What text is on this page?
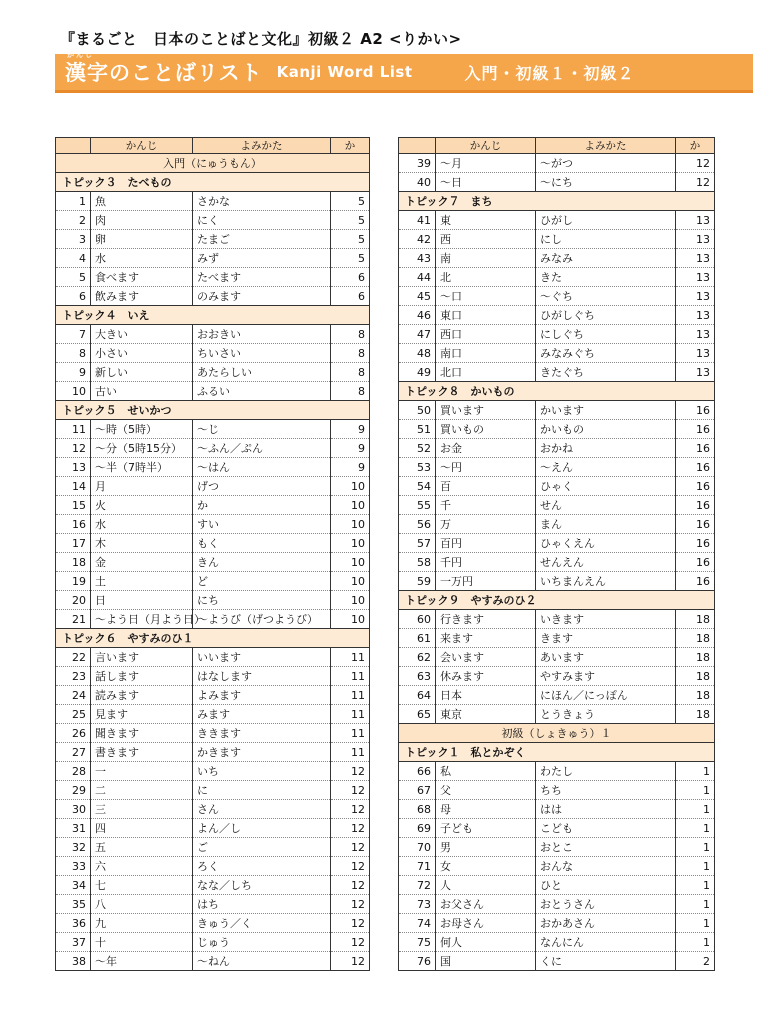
『まるごと　日本のことばと文化』初級２ A2 <りかい>
かんじ
漢字のことばリスト Kanji Word List	入門・初級１・初級２
	かんじ	よみかた	か
入門（にゅうもん）			
トピック３　たべもの			
1	魚	さかな	5
2	肉	にく	5
3	卵	たまご	5
4	水	みず	5
5	食べます	たべます	6
6	飲みます	のみます	6
トピック４　いえ			
7	大きい	おおきい	8
8	小さい	ちいさい	8
9	新しい	あたらしい	8
10	古い	ふるい	8
トピック５　せいかつ			
11	～時（5時）	～じ	9
12	～分（5時15分）	～ふん／ぷん	9
13	～半（7時半）	～はん	9
14	月	げつ	10
15	火	か	10
16	水	すい	10
17	木	もく	10
18	金	きん	10
19	土	ど	10
20	日	にち	10
21	～よう日（月よう日）	～ようび（げつようび）	10
トピック６　やすみのひ１			
22	言います	いいます	11
23	話します	はなします	11
24	読みます	よみます	11
25	見ます	みます	11
26	聞きます	ききます	11
27	書きます	かきます	11
28	一	いち	12
29	二	に	12
30	三	さん	12
31	四	よん／し	12
32	五	ご	12
33	六	ろく	12
34	七	なな／しち	12
35	八	はち	12
36	九	きゅう／く	12
37	十	じゅう	12
38	～年	～ねん	12
	かんじ	よみかた	か
39	～月	～がつ	12
40	～日	～にち	12
トピック７　まち			
41	東	ひがし	13
42	西	にし	13
43	南	みなみ	13
44	北	きた	13
45	～口	～ぐち	13
46	東口	ひがしぐち	13
47	西口	にしぐち	13
48	南口	みなみぐち	13
49	北口	きたぐち	13
トピック８　かいもの			
50	買います	かいます	16
51	買いもの	かいもの	16
52	お金	おかね	16
53	～円	～えん	16
54	百	ひゃく	16
55	千	せん	16
56	万	まん	16
57	百円	ひゃくえん	16
58	千円	せんえん	16
59	一万円	いちまんえん	16
トピック９　やすみのひ２			
60	行きます	いきます	18
61	来ます	きます	18
62	会います	あいます	18
63	休みます	やすみます	18
64	日本	にほん／にっぽん	18
65	東京	とうきょう	18
初級（しょきゅう）１			
トピック１　私とかぞく			
66	私	わたし	1
67	父	ちち	1
68	母	はは	1
69	子ども	こども	1
70	男	おとこ	1
71	女	おんな	1
72	人	ひと	1
73	お父さん	おとうさん	1
74	お母さん	おかあさん	1
75	何人	なんにん	1
76	国	くに	2
